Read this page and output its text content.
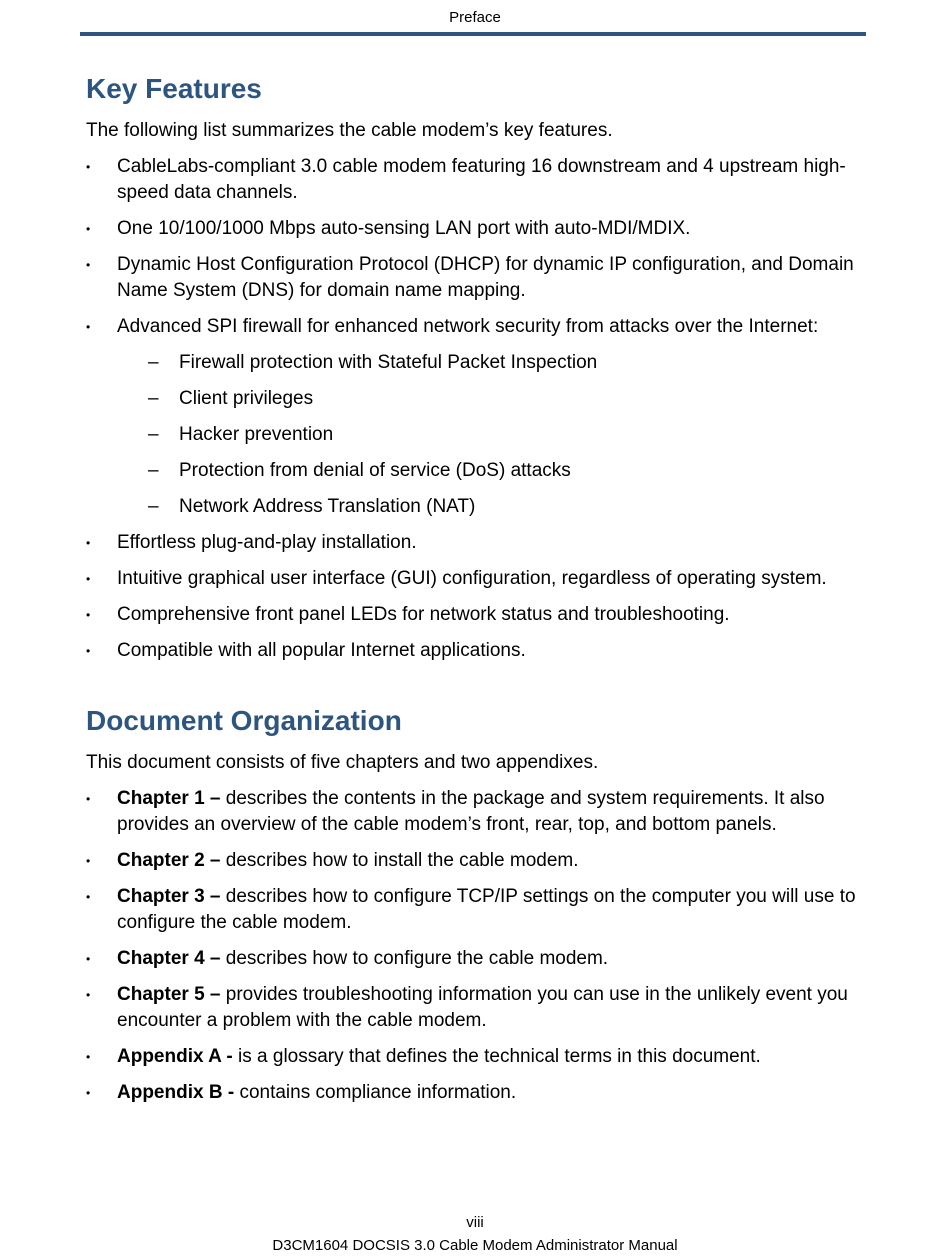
Preface
Key Features

The following list summarizes the cable modem’s key features.

• CableLabs-compliant 3.0 cable modem featuring 16 downstream and 4 upstream high-speed data channels.
• One 10/100/1000 Mbps auto-sensing LAN port with auto-MDI/MDIX.
• Dynamic Host Configuration Protocol (DHCP) for dynamic IP configuration, and Domain Name System (DNS) for domain name mapping.
• Advanced SPI firewall for enhanced network security from attacks over the Internet:
– Firewall protection with Stateful Packet Inspection
– Client privileges
– Hacker prevention
– Protection from denial of service (DoS) attacks
– Network Address Translation (NAT)
• Effortless plug-and-play installation.
• Intuitive graphical user interface (GUI) configuration, regardless of operating system.
• Comprehensive front panel LEDs for network status and troubleshooting.
• Compatible with all popular Internet applications.
Document Organization

This document consists of five chapters and two appendixes.

• Chapter 1 – describes the contents in the package and system requirements. It also provides an overview of the cable modem’s front, rear, top, and bottom panels.
• Chapter 2 – describes how to install the cable modem.
• Chapter 3 – describes how to configure TCP/IP settings on the computer you will use to configure the cable modem.
• Chapter 4 – describes how to configure the cable modem.
• Chapter 5 – provides troubleshooting information you can use in the unlikely event you encounter a problem with the cable modem.
• Appendix A - is a glossary that defines the technical terms in this document.
• Appendix B - contains compliance information.
viii
D3CM1604 DOCSIS 3.0 Cable Modem Administrator Manual
